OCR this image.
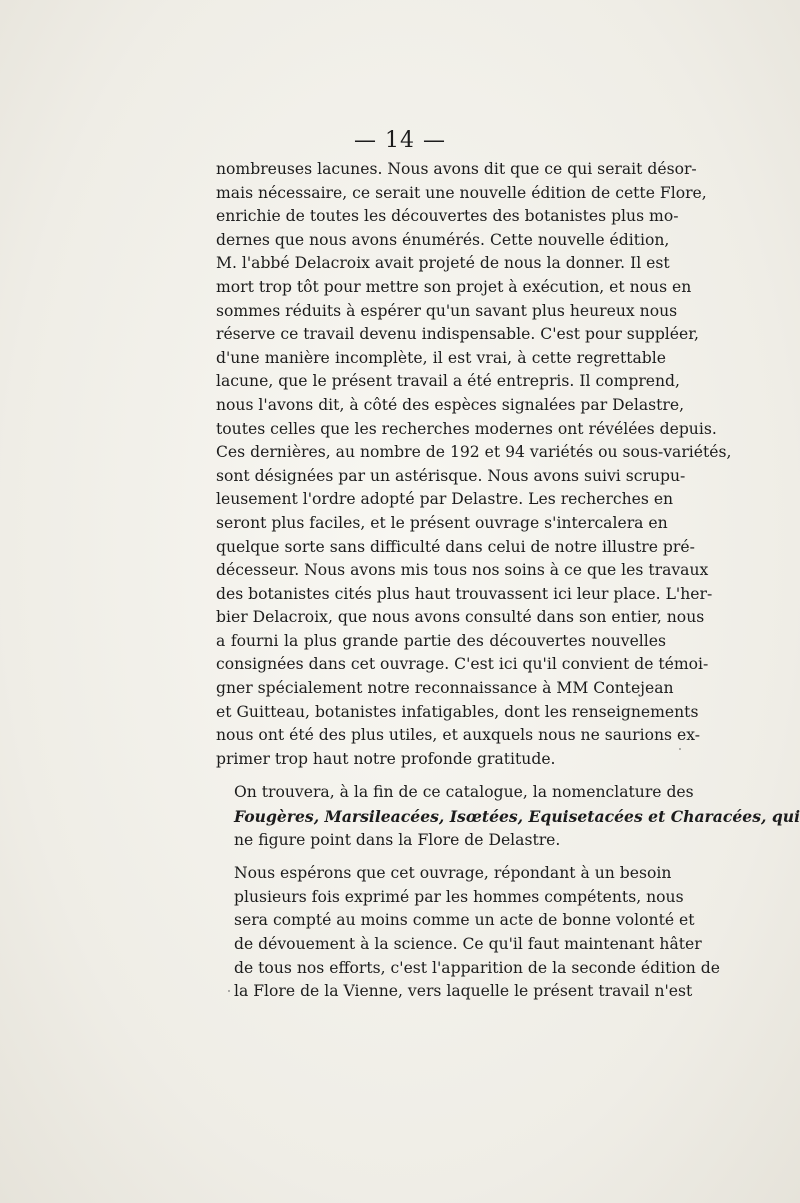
— 14 —

nombreuses lacunes. Nous avons dit que ce qui serait désor-
mais nécessaire, ce serait une nouvelle édition de cette Flore,
enrichie de toutes les découvertes des botanistes plus mo-
dernes que nous avons énumérés. Cette nouvelle édition,
M. l'abbé Delacroix avait projeté de nous la donner. Il est
mort trop tôt pour mettre son projet à exécution, et nous en
sommes réduits à espérer qu'un savant plus heureux nous
réserve ce travail devenu indispensable. C'est pour suppléer,
d'une manière incomplète, il est vrai, à cette regrettable
lacune, que le présent travail a été entrepris. Il comprend,
nous l'avons dit, à côté des espèces signalées par Delastre,
toutes celles que les recherches modernes ont révélées depuis.
Ces dernières, au nombre de 192 et 94 variétés ou sous-variétés,
sont désignées par un astérisque. Nous avons suivi scrupu-
leusement l'ordre adopté par Delastre. Les recherches en
seront plus faciles, et le présent ouvrage s'intercalera en
quelque sorte sans difficulté dans celui de notre illustre pré-
décesseur. Nous avons mis tous nos soins à ce que les travaux
des botanistes cités plus haut trouvassent ici leur place. L'her-
bier Delacroix, que nous avons consulté dans son entier, nous
a fourni la plus grande partie des découvertes nouvelles
consignées dans cet ouvrage. C'est ici qu'il convient de témoi-
gner spécialement notre reconnaissance à MM Contejean
et Guitteau, botanistes infatigables, dont les renseignements
nous ont été des plus utiles, et auxquels nous ne saurions ex-
primer trop haut notre profonde gratitude.

On trouvera, à la fin de ce catalogue, la nomenclature des
Fougères, Marsileacées, Isœtées, Equisetacées et Characées, qui
ne figure point dans la Flore de Delastre.

Nous espérons que cet ouvrage, répondant à un besoin
plusieurs fois exprimé par les hommes compétents, nous
sera compté au moins comme un acte de bonne volonté et
de dévouement à la science. Ce qu'il faut maintenant hâter
de tous nos efforts, c'est l'apparition de la seconde édition de
la Flore de la Vienne, vers laquelle le présent travail n'est
